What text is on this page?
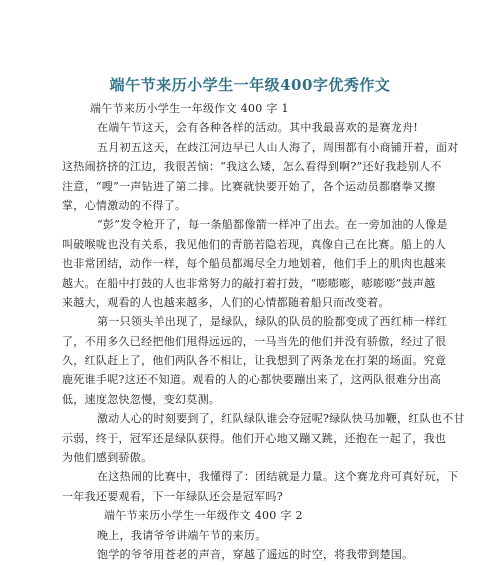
端午节来历小学生一年级400字优秀作文
端午节来历小学生一年级作文 400 字 1
在端午节这天，会有各种各样的活动。其中我最喜欢的是赛龙舟!
五月初五这天，在歧江河边早已人山人海了，周围都有小商铺开着，面对
这热闹挤挤的江边，我很苦恼：“我这么矮，怎么看得到啊?”还好我趁别人不
注意，“嗖”一声钻进了第二排。比赛就快要开始了，各个运动员都磨拳又擦
掌，心情激动的不得了。
“彭”发令枪开了，每一条船都像箭一样冲了出去。在一旁加油的人像是
叫破喉咙也没有关系，我见他们的青筋若隐若现，真像自己在比赛。船上的人
也非常团结，动作一样，每个船员都竭尽全力地划着，他们手上的肌肉也越来
越大。在船中打鼓的人也非常努力的敲打着打鼓，“嘭嘭嘭，嘭嘭嘭”鼓声越
来越大，观看的人也越来越多，人们的心情都随着船只而改变着。
第一只领头羊出现了，是绿队，绿队的队员的脸都变成了西红柿一样红
了，不用多久已经把他们甩得远远的，一马当先的他们并没有骄傲，经过了很
久，红队赶上了，他们两队各不相让，让我想到了两条龙在打架的场面。究竟
鹿死谁手呢?这还不知道。观看的人的心都快要蹦出来了，这两队很难分出高
低，速度忽快忽慢，变幻莫测。
激动人心的时刻要到了，红队绿队谁会夺冠呢?绿队快马加鞭，红队也不甘
示弱，终于，冠军还是绿队获得。他们开心地又蹦又跳，还抱在一起了，我也
为他们感到骄傲。
在这热闹的比赛中，我懂得了：团结就是力量。这个赛龙舟可真好玩，下
一年我还要观看，下一年绿队还会是冠军吗?
端午节来历小学生一年级作文 400 字 2
晚上，我请爷爷讲端午节的来历。
饱学的爷爷用苍老的声音，穿越了遥远的时空，将我带到楚国。
